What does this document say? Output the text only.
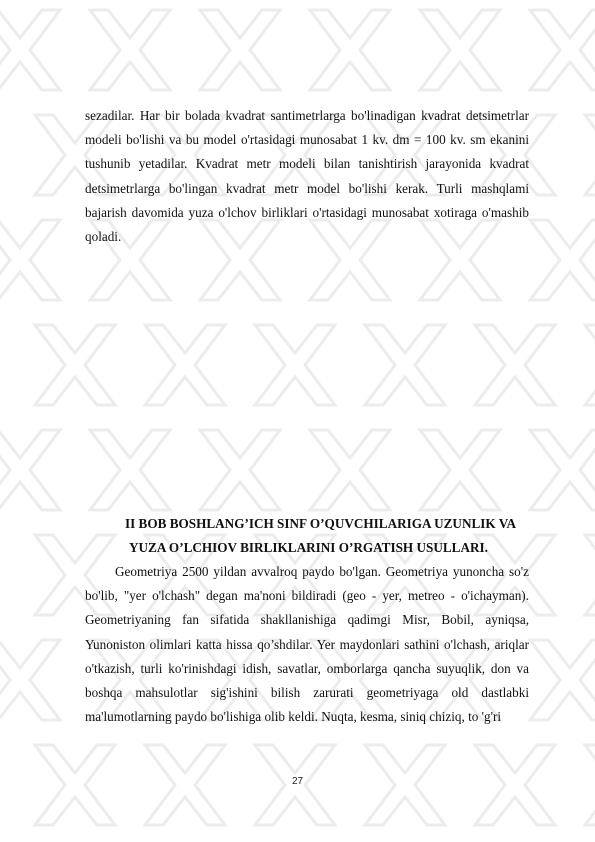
sezadilar. Har bir bolada kvadrat santimetrlarga bo'linadigan kvadrat detsimetrlar modeli bo'lishi va bu model o'rtasidagi munosabat 1 kv. dm = 100 kv. sm ekanini tushunib yetadilar. Kvadrat metr modeli bilan tanishtirish jarayonida kvadrat detsimetrlarga bo'lingan kvadrat metr model bo'lishi kerak. Turli mashqlami bajarish davomida yuza o'lchov birliklari o'rtasidagi munosabat xotiraga o'mashib qoladi.

II BOB BOSHLANG’ICH SINF O’QUVCHILARIGA UZUNLIK VA
YUZA O’LCHIOV BIRLIKLARINI O’RGATISH USULLARI.

Geometriya 2500 yildan avvalroq paydo bo'lgan. Geometriya yunoncha so'z bo'lib, "yer o'lchash" degan ma'noni bildiradi (geo - yer, metreo - o'ichayman). Geometriyaning fan sifatida shakllanishiga qadimgi Misr, Bobil, ayniqsa, Yunoniston olimlari katta hissa qo’shdilar. Yer maydonlari sathini o'lchash, ariqlar o'tkazish, turli ko'rinishdagi idish, savatlar, omborlarga qancha suyuqlik, don va boshqa mahsulotlar sig'ishini bilish zarurati geometriyaga old dastlabki ma'lumotlarning paydo bo'lishiga olib keldi. Nuqta, kesma, siniq chiziq, to 'g'ri

27
